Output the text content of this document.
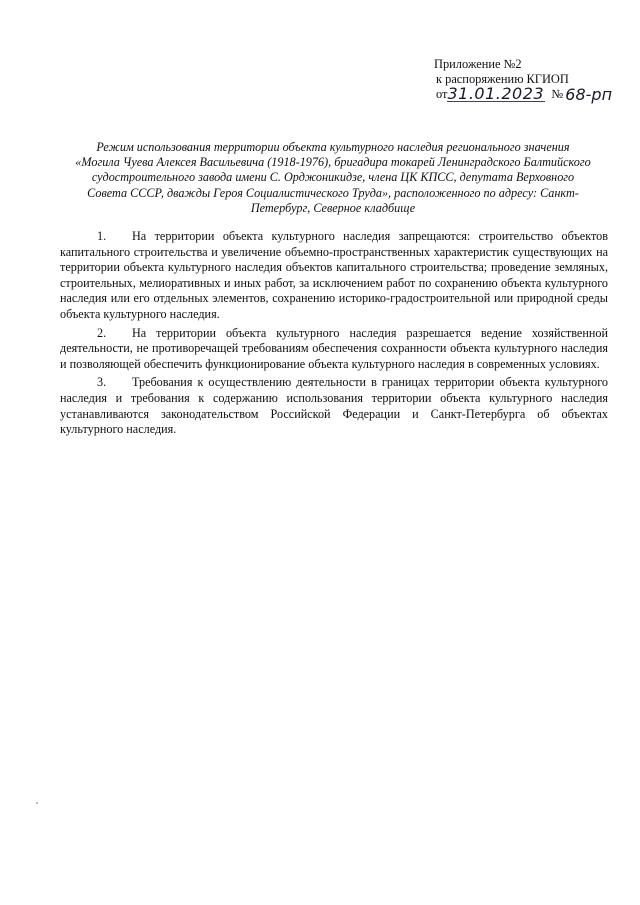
Приложение №2
к распоряжению КГИОП
от 31.01.2023 № 68-рп
Режим использования территории объекта культурного наследия регионального значения «Могила Чуева Алексея Васильевича (1918-1976), бригадира токарей Ленинградского Балтийского судостроительного завода имени С. Орджоникидзе, члена ЦК КПСС, депутата Верховного Совета СССР, дважды Героя Социалистического Труда», расположенного по адресу: Санкт-Петербург, Северное кладбище

1. На территории объекта культурного наследия запрещаются: строительство объектов капитального строительства и увеличение объемно-пространственных характеристик существующих на территории объекта культурного наследия объектов капитального строительства; проведение земляных, строительных, мелиоративных и иных работ, за исключением работ по сохранению объекта культурного наследия или его отдельных элементов, сохранению историко-градостроительной или природной среды объекта культурного наследия.

2. На территории объекта культурного наследия разрешается ведение хозяйственной деятельности, не противоречащей требованиям обеспечения сохранности объекта культурного наследия и позволяющей обеспечить функционирование объекта культурного наследия в современных условиях.

3. Требования к осуществлению деятельности в границах территории объекта культурного наследия и требования к содержанию использования территории объекта культурного наследия устанавливаются законодательством Российской Федерации и Санкт-Петербурга об объектах культурного наследия.
